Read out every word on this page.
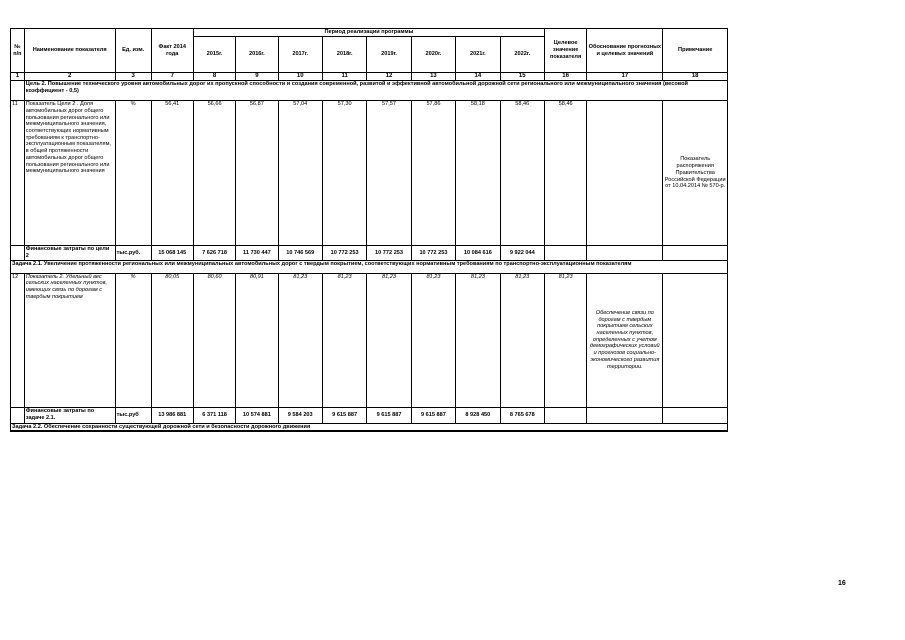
№ п/п	Наименование показателя	Ед. изм.	Факт 2014 года	Период реализации программы								Целевое значение показателя	Обоснование прогнозных и целевых значений	Примечание
				2015г.	2016г.	2017г.	2018г.	2019г.	2020г.	2021г.	2022г.			
1	2	3	7	8	9	10	11	12	13	14	15	16	17	18
	Цель 2. Повышение технического уровня автомобильных дорог их пропускной способности и создания современной, развитой и эффективной автомобильной дорожной сети регионального или межмуниципального значения (весовой коэффициент - 0,5)													
11	Показатель Цели 2 . Доля автомобильных дорог общего пользования регионального или межмуниципального значения, соответствующих нормативным требованиям к транспортно-эксплуатационным показателям, в общей протяженности автомобильных дорог общего пользования регионального или межмуниципального значения	%	56,41	56,66	56,87	57,04	57,30	57,57	57,86	58,18	58,46	58,46		Показатель распоряжения Правительства Российской Федерации от 10.04.2014 № 570-р.
	Финансовые затраты по цели 2	тыс.руб.	15 068 145	7 626 718	11 730 447	10 746 569	10 772 253	10 772 253	10 772 253	10 084 616	9 922 044			
Задача 2.1. Увеличение протяженности региональных или межмуниципальных автомобильных дорог с твердым покрытием, соответствующих нормативным требованиям по транспортно-эксплуатационным показателям														
12	Показатель 2. Удельный вес сельских населенных пунктов, имеющих связь по дорогам с твердым покрытием	%	80,05	80,60	80,91	81,23	81,23	81,23	81,23	81,23	81,23	81,23	Обеспечение связи по дорогам с твердым покрытием сельских населенных пунктов, определенных с учетом демографических условий и прогнозов социально-экономического развития территории.	
	Финансовые затраты по задаче 2.1.	тыс.руб	13 986 881	6 371 118	10 574 881	9 584 203	9 615 887	9 615 887	9 615 887	8 928 450	8 765 678			
Задача 2.2. Обеспечение сохранности существующей дорожной сети и безопасности дорожного движения														
16
